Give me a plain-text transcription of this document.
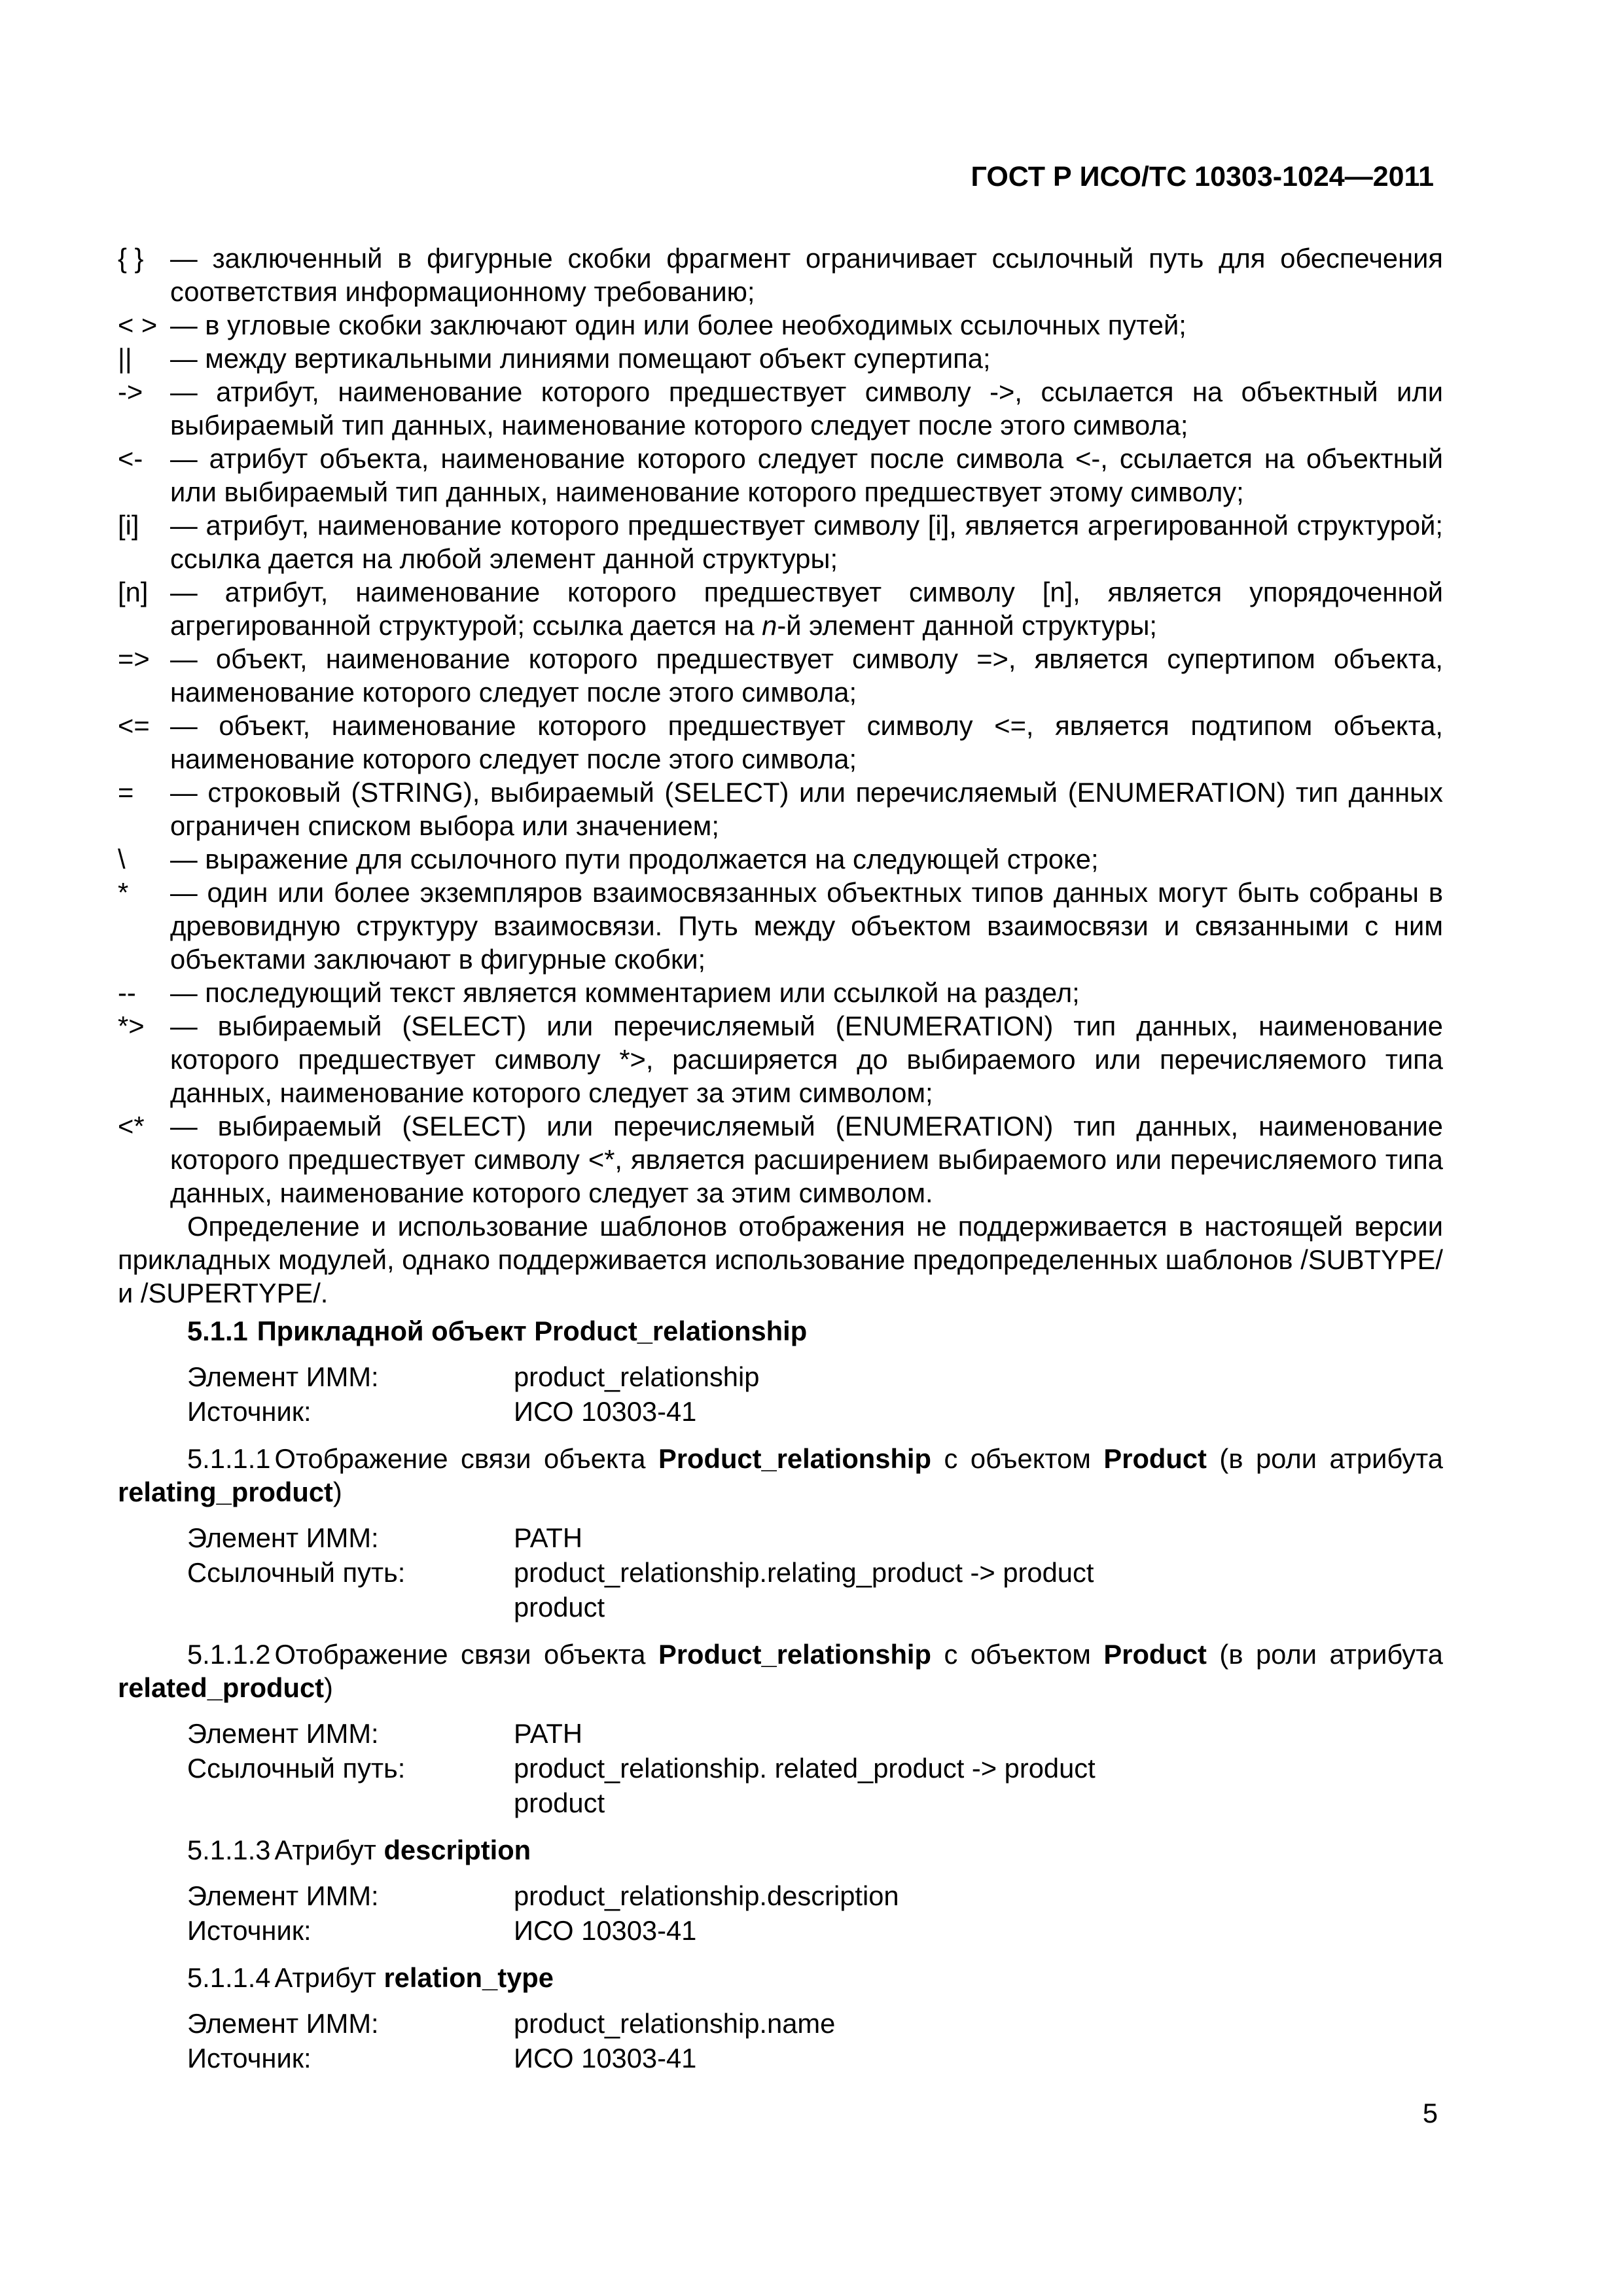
ГОСТ Р ИСО/ТС 10303-1024—2011
{ } — заключенный в фигурные скобки фрагмент ограничивает ссылочный путь для обеспечения соответствия информационному требованию;
< > — в угловые скобки заключают один или более необходимых ссылочных путей;
||	— между вертикальными линиями помещают объект супертипа;
->	— атрибут, наименование которого предшествует символу ->, ссылается на объектный или выбираемый тип данных, наименование которого следует после этого символа;
<-	— атрибут объекта, наименование которого следует после символа <-, ссылается на объектный или выбираемый тип данных, наименование которого предшествует этому символу;
[i]	— атрибут, наименование которого предшествует символу [i], является агрегированной структурой; ссылка дается на любой элемент данной структуры;
[n] — атрибут, наименование которого предшествует символу [n], является упорядоченной агрегированной структурой; ссылка дается на n-й элемент данной структуры;
=> — объект, наименование которого предшествует символу =>, является супертипом объекта, наименование которого следует после этого символа;
<= — объект, наименование которого предшествует символу <=, является подтипом объекта, наименование которого следует после этого символа;
=	— строковый (STRING), выбираемый (SELECT) или перечисляемый (ENUMERATION) тип данных ограничен списком выбора или значением;
\	— выражение для ссылочного пути продолжается на следующей строке;
*	— один или более экземпляров взаимосвязанных объектных типов данных могут быть собраны в древовидную структуру взаимосвязи. Путь между объектом взаимосвязи и связанными с ним объектами заключают в фигурные скобки;
--	— последующий текст является комментарием или ссылкой на раздел;
*> — выбираемый (SELECT) или перечисляемый (ENUMERATION) тип данных, наименование которого предшествует символу *>, расширяется до выбираемого или перечисляемого типа данных, наименование которого следует за этим символом;
<* — выбираемый (SELECT) или перечисляемый (ENUMERATION) тип данных, наименование которого предшествует символу <*, является расширением выбираемого или перечисляемого типа данных, наименование которого следует за этим символом.

Определение и использование шаблонов отображения не поддерживается в настоящей версии прикладных модулей, однако поддерживается использование предопределенных шаблонов /SUBTYPE/ и /SUPERTYPE/.

5.1.1 Прикладной объект Product_relationship

Элемент ИММ:	product_relationship
Источник:	ИСО 10303-41

5.1.1.1 Отображение связи объекта Product_relationship с объектом Product (в роли атрибута relating_product)

Элемент ИММ:	PATH
Ссылочный путь:	product_relationship.relating_product -> product
product

5.1.1.2 Отображение связи объекта Product_relationship с объектом Product (в роли атрибута related_product)

Элемент ИММ:	PATH
Ссылочный путь:	product_relationship. related_product -> product
product

5.1.1.3 Атрибут description

Элемент ИММ:	product_relationship.description
Источник:	ИСО 10303-41

5.1.1.4 Атрибут relation_type

Элемент ИММ:	product_relationship.name
Источник:	ИСО 10303-41
5
